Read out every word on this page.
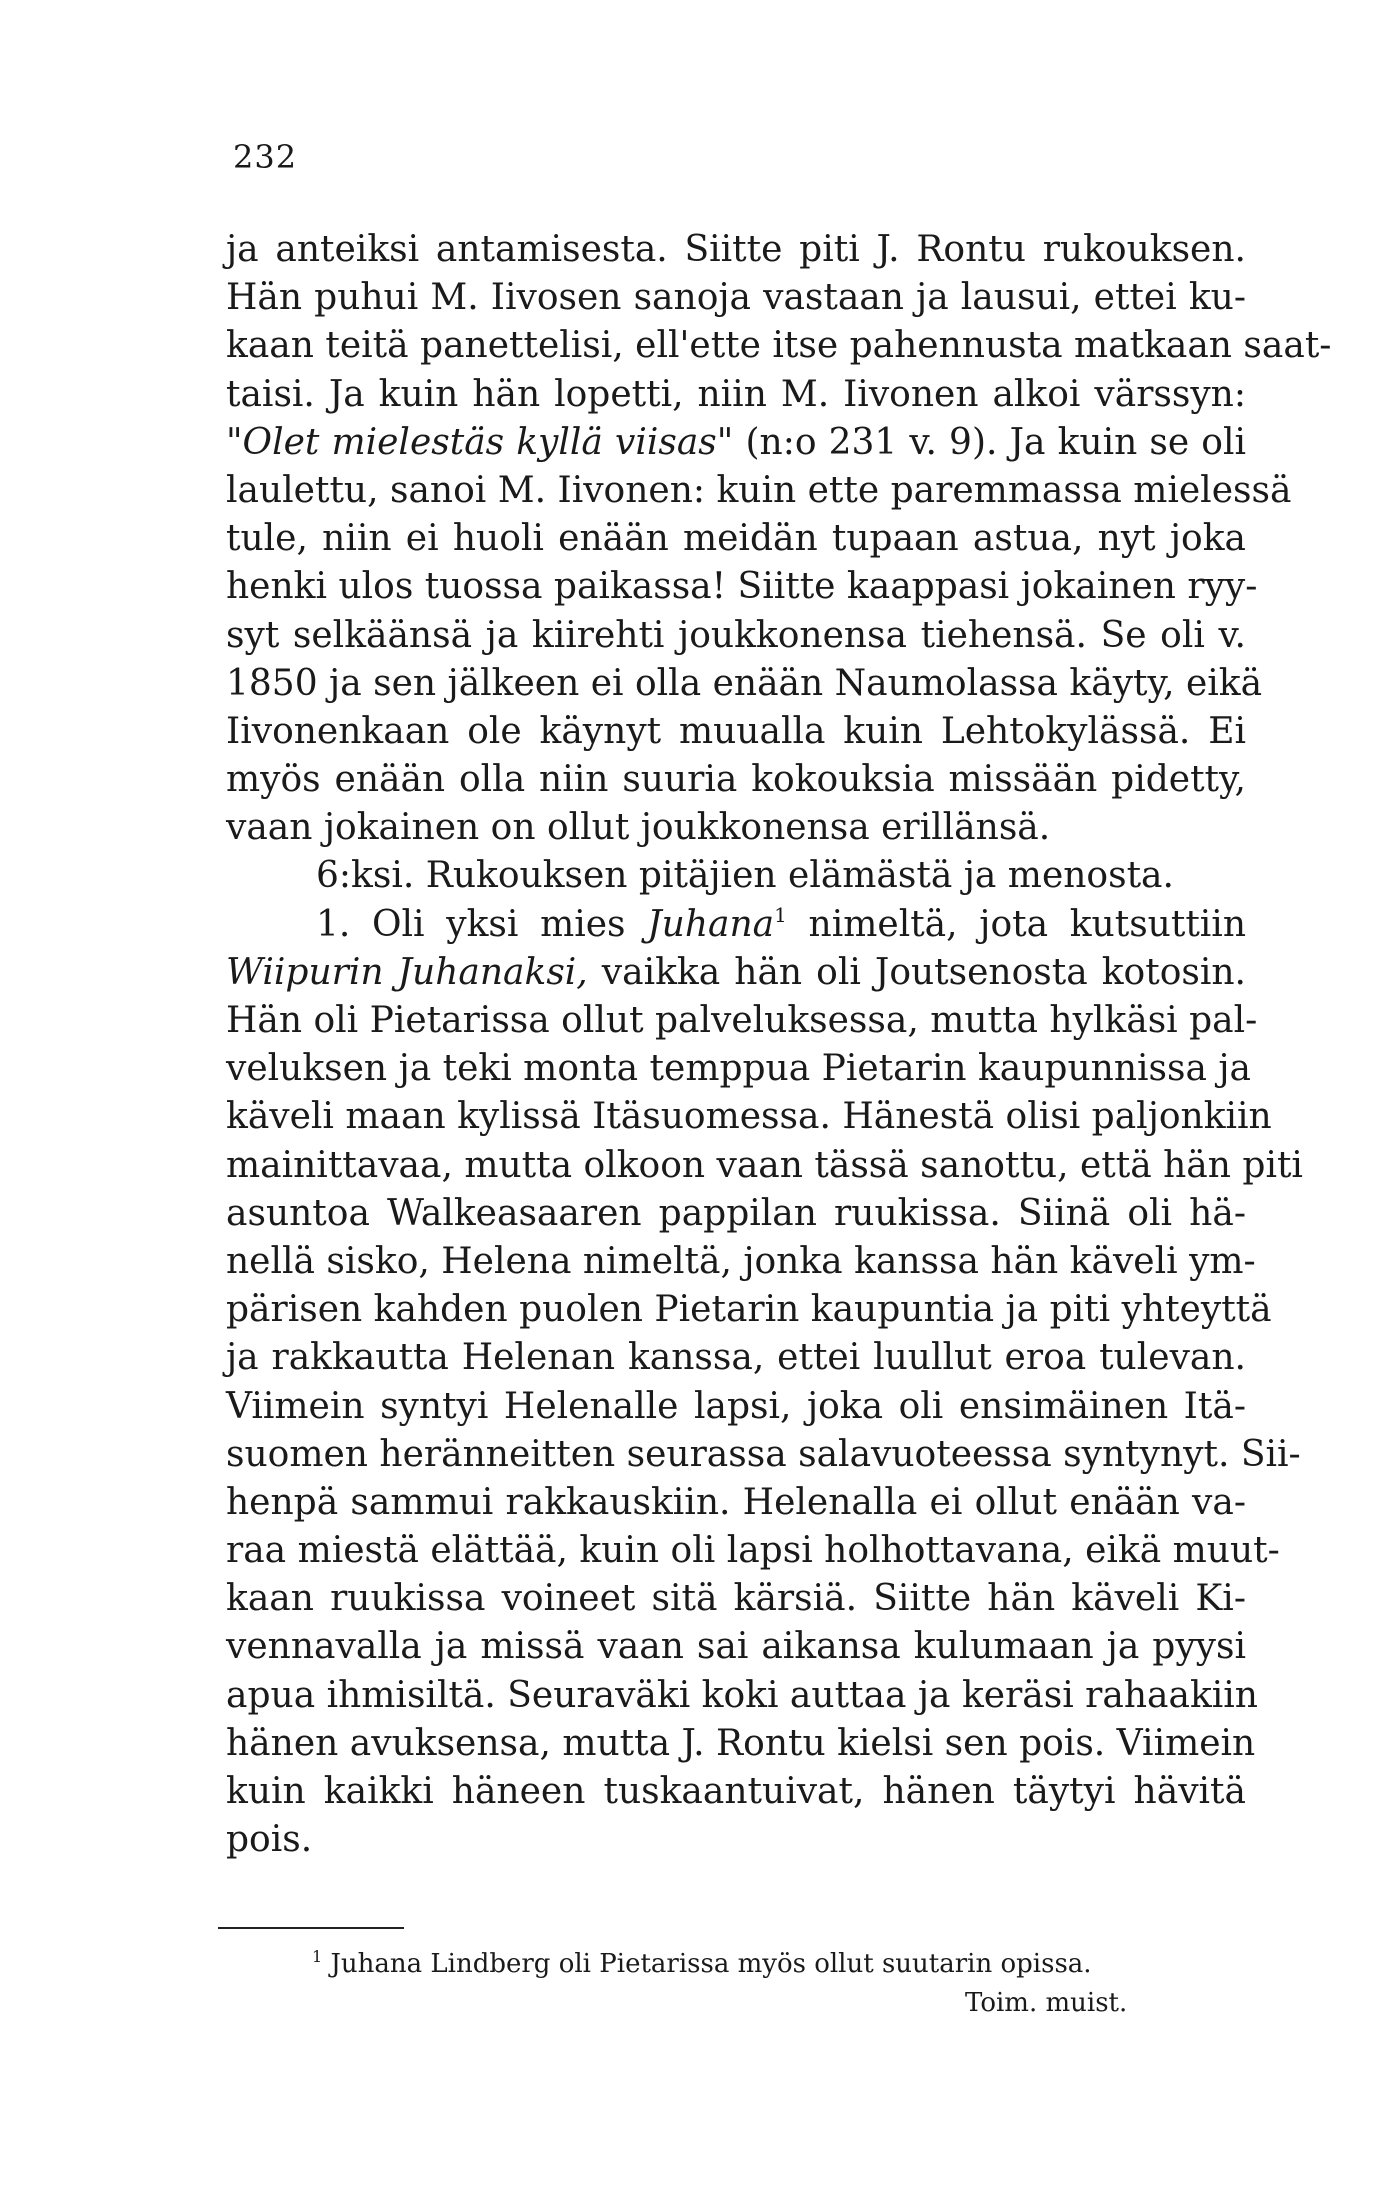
232
ja anteiksi antamisesta. Siitte piti J. Rontu rukouksen.
Hän puhui M. Iivosen sanoja vastaan ja lausui, ettei ku-
kaan teitä panettelisi, ell'ette itse pahennusta matkaan saat-
taisi. Ja kuin hän lopetti, niin M. Iivonen alkoi värssyn:
"Olet mielestäs kyllä viisas" (n:o 231 v. 9). Ja kuin se oli
laulettu, sanoi M. Iivonen: kuin ette paremmassa mielessä
tule, niin ei huoli enään meidän tupaan astua, nyt joka
henki ulos tuossa paikassa! Siitte kaappasi jokainen ryy-
syt selkäänsä ja kiirehti joukkonensa tiehensä. Se oli v.
1850 ja sen jälkeen ei olla enään Naumolassa käyty, eikä
Iivonenkaan ole käynyt muualla kuin Lehtokylässä. Ei
myös enään olla niin suuria kokouksia missään pidetty,
vaan jokainen on ollut joukkonensa erillänsä.
6:ksi. Rukouksen pitäjien elämästä ja menosta.
1. Oli yksi mies Juhana$^1$ nimeltä, jota kutsuttiin
Wiipurin Juhanaksi, vaikka hän oli Joutsenosta kotosin.
Hän oli Pietarissa ollut palveluksessa, mutta hylkäsi pal-
veluksen ja teki monta temppua Pietarin kaupunnissa ja
käveli maan kylissä Itäsuomessa. Hänestä olisi paljonkiin
mainittavaa, mutta olkoon vaan tässä sanottu, että hän piti
asuntoa Walkeasaaren pappilan ruukissa. Siinä oli hä-
nellä sisko, Helena nimeltä, jonka kanssa hän käveli ym-
pärisen kahden puolen Pietarin kaupuntia ja piti yhteyttä
ja rakkautta Helenan kanssa, ettei luullut eroa tulevan.
Viimein syntyi Helenalle lapsi, joka oli ensimäinen Itä-
suomen heränneitten seurassa salavuoteessa syntynyt. Sii-
henpä sammui rakkauskiin. Helenalla ei ollut enään va-
raa miestä elättää, kuin oli lapsi holhottavana, eikä muut-
kaan ruukissa voineet sitä kärsiä. Siitte hän käveli Ki-
vennavalla ja missä vaan sai aikansa kulumaan ja pyysi
apua ihmisiltä. Seuraväki koki auttaa ja keräsi rahaakiin
hänen avuksensa, mutta J. Rontu kielsi sen pois. Viimein
kuin kaikki häneen tuskaantuivat, hänen täytyi hävitä
pois.
$^1$ Juhana Lindberg oli Pietarissa myös ollut suutarin opissa.
Toim. muist.
